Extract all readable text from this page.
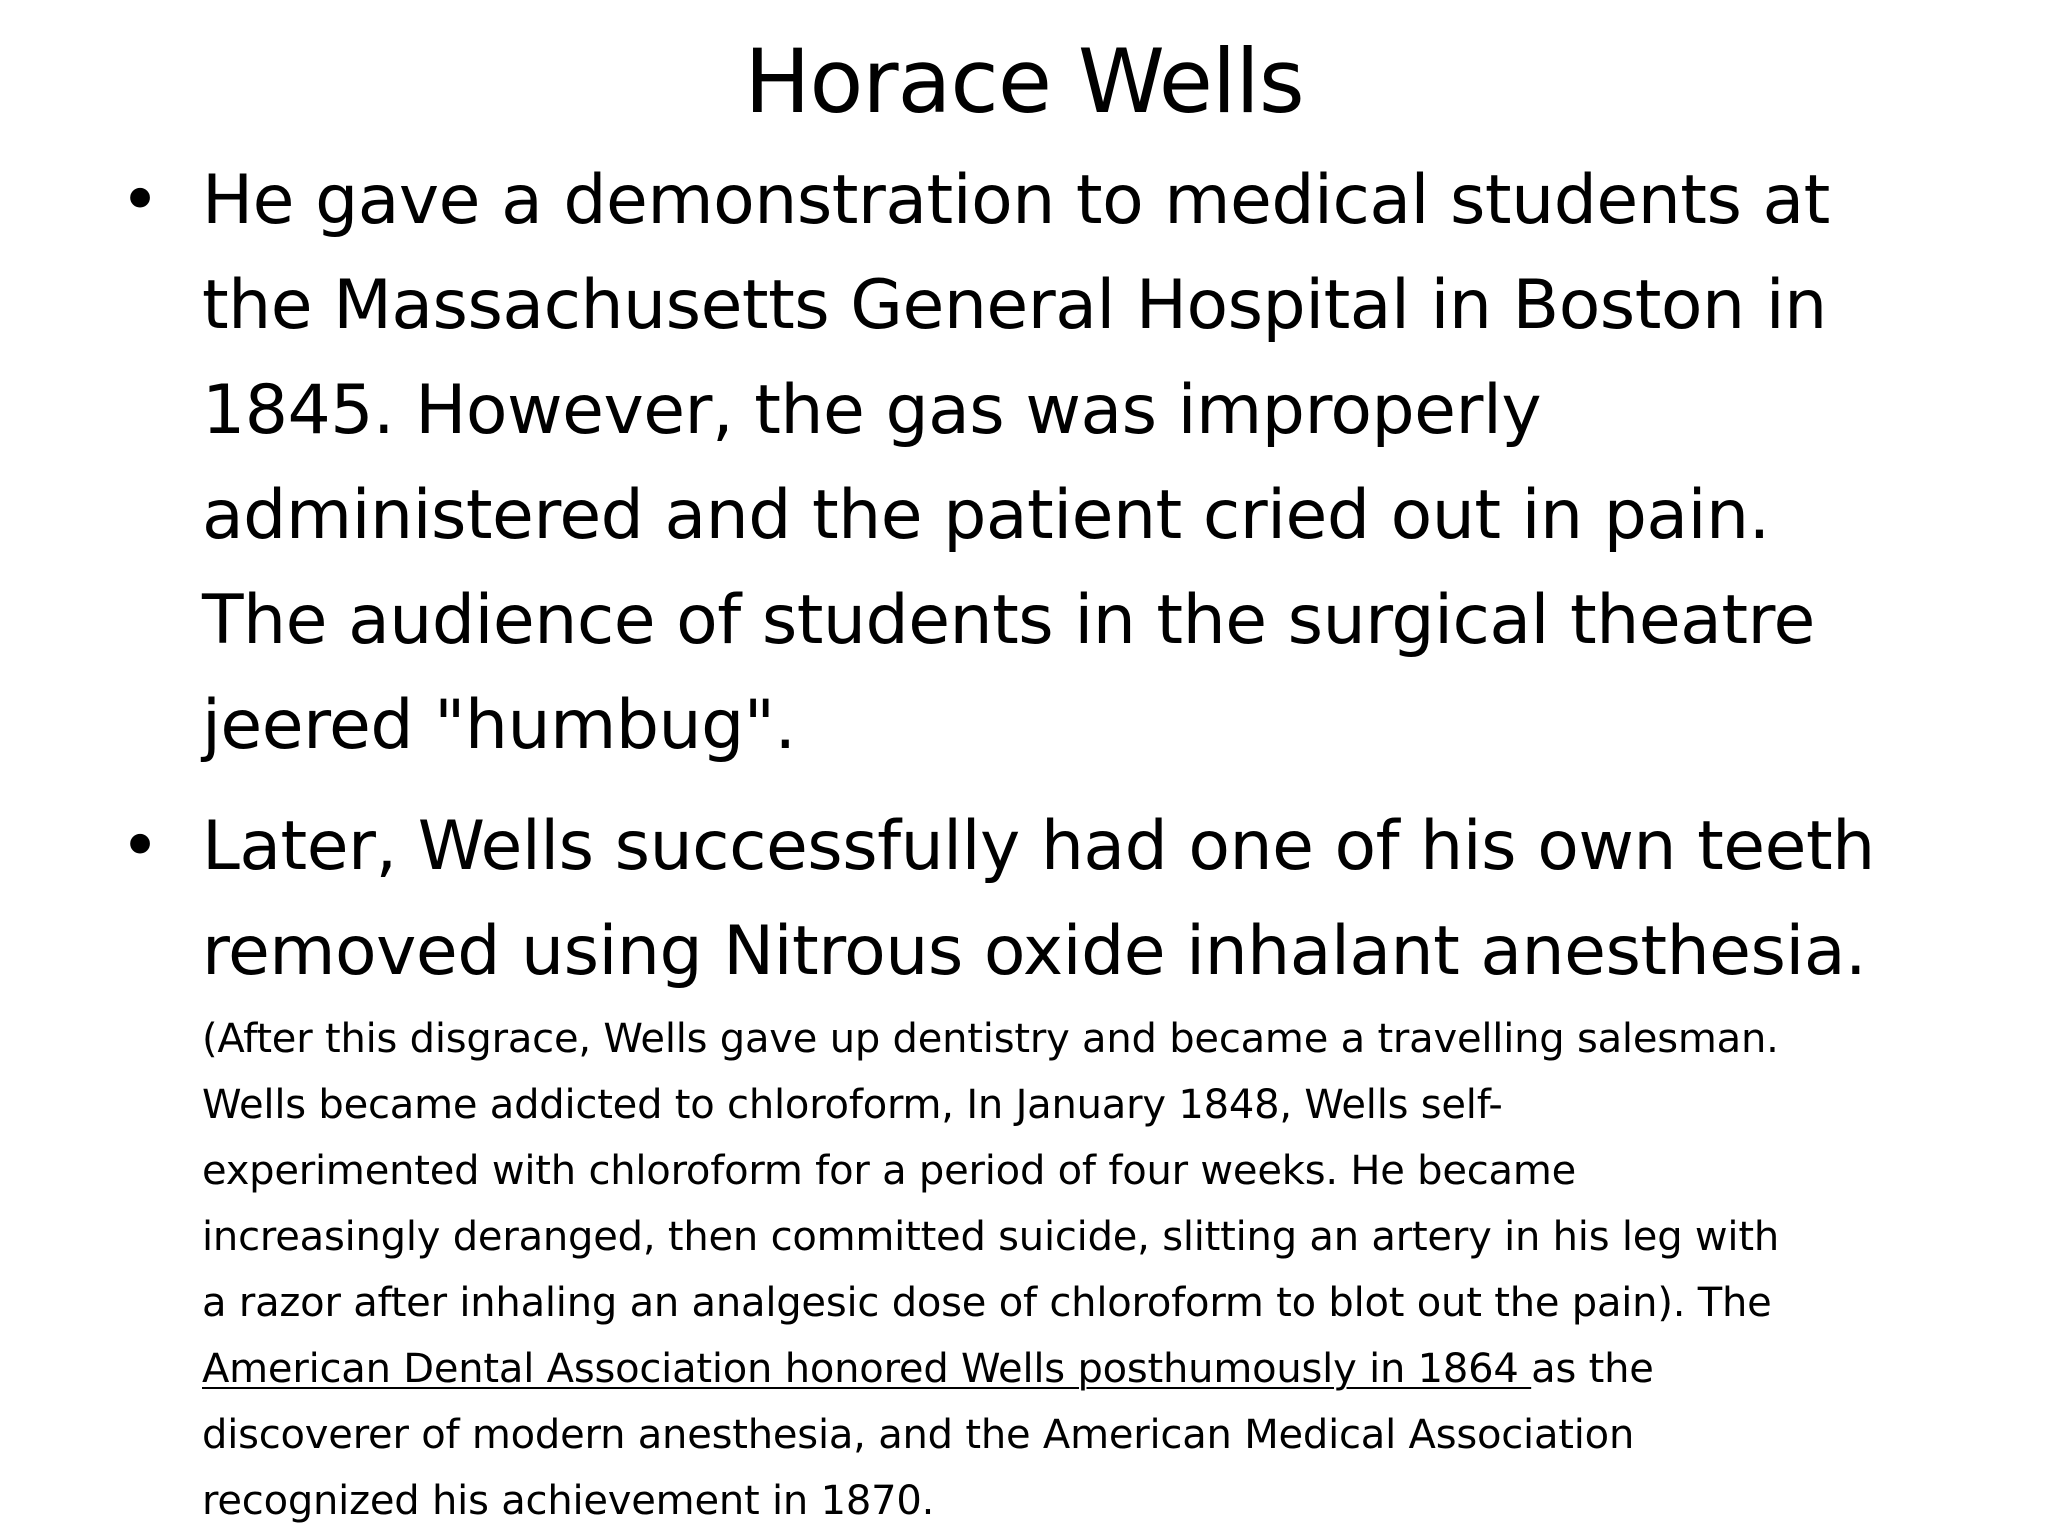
Horace Wells
• He gave a demonstration to medical students at
the Massachusetts General Hospital in Boston in
1845. However, the gas was improperly
administered and the patient cried out in pain.
The audience of students in the surgical theatre
jeered "humbug".
• Later, Wells successfully had one of his own teeth
removed using Nitrous oxide inhalant anesthesia.
(After this disgrace, Wells gave up dentistry and became a travelling salesman.
Wells became addicted to chloroform, In January 1848, Wells self-
experimented with chloroform for a period of four weeks. He became
increasingly deranged, then committed suicide, slitting an artery in his leg with
a razor after inhaling an analgesic dose of chloroform to blot out the pain). The
American Dental Association honored Wells posthumously in 1864 as the
discoverer of modern anesthesia, and the American Medical Association
recognized his achievement in 1870.
